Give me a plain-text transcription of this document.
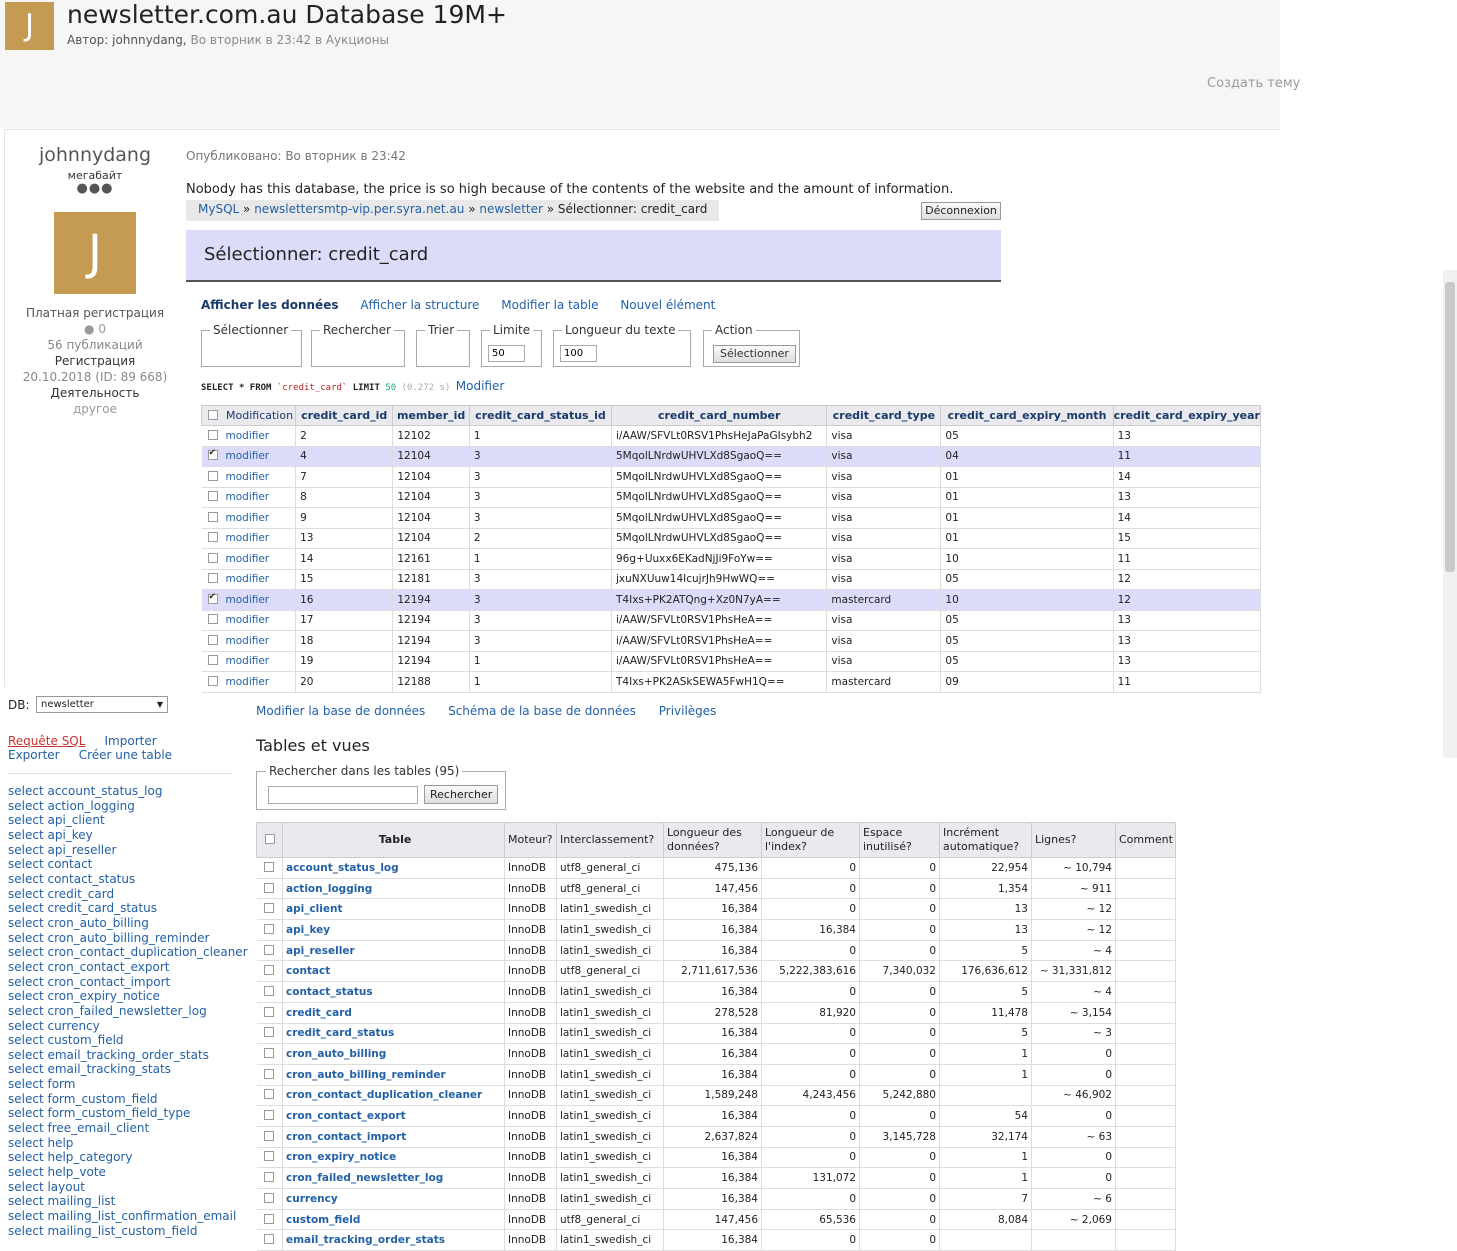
J	newsletter.com.au Database 19M+
Автор: johnnydang, Во вторник в 23:42 в Аукционы
Создать тему
johnnydang
мегабайт
●●●
J
Платная регистрация
● 0
56 публикаций
Регистрация
20.10.2018 (ID: 89 668)
Деятельность
другое
Опубликовано: Во вторник в 23:42
Nobody has this database, the price is so high because of the contents of the website and the amount of information.
MySQL » newslettersmtp-vip.per.syra.net.au » newsletter » Sélectionner: credit_card	Déconnexion
Sélectionner: credit_card
Afficher les données Afficher la structure Modifier la table Nouvel élément
Sélectionner	Rechercher	Trier	Limite
50	Longueur du texte
100	Action
Sélectionner
SELECT * FROM `credit_card` LIMIT 50 (0.272 s) Modifier
Modification	credit_card_id	member_id	credit_card_status_id	credit_card_number	credit_card_type	credit_card_expiry_month	credit_card_expiry_year
modifier	2	12102	1	i/AAW/SFVLt0RSV1PhsHeJaPaGIsybh2	visa	05	13
✔modifier	4	12104	3	5MqolLNrdwUHVLXd8SgaoQ==	visa	04	11
modifier	7	12104	3	5MqolLNrdwUHVLXd8SgaoQ==	visa	01	14
modifier	8	12104	3	5MqolLNrdwUHVLXd8SgaoQ==	visa	01	13
modifier	9	12104	3	5MqolLNrdwUHVLXd8SgaoQ==	visa	01	14
modifier	13	12104	2	5MqolLNrdwUHVLXd8SgaoQ==	visa	01	15
modifier	14	12161	1	96g+Uuxx6EKadNjJi9FoYw==	visa	10	11
modifier	15	12181	3	jxuNXUuw14IcujrJh9HwWQ==	visa	05	12
✔modifier	16	12194	3	T4Ixs+PK2ATQng+Xz0N7yA==	mastercard	10	12
modifier	17	12194	3	i/AAW/SFVLt0RSV1PhsHeA==	visa	05	13
modifier	18	12194	3	i/AAW/SFVLt0RSV1PhsHeA==	visa	05	13
modifier	19	12194	1	i/AAW/SFVLt0RSV1PhsHeA==	visa	05	13
modifier	20	12188	1	T4Ixs+PK2ASkSEWA5FwH1Q==	mastercard	09	11
DB:	newsletter	▼
Requête SQL Importer
Exporter Créer une table
select account_status_log
select action_logging
select api_client
select api_key
select api_reseller
select contact
select contact_status
select credit_card
select credit_card_status
select cron_auto_billing
select cron_auto_billing_reminder
select cron_contact_duplication_cleaner
select cron_contact_export
select cron_contact_import
select cron_expiry_notice
select cron_failed_newsletter_log
select currency
select custom_field
select email_tracking_order_stats
select email_tracking_stats
select form
select form_custom_field
select form_custom_field_type
select free_email_client
select help
select help_category
select help_vote
select layout
select mailing_list
select mailing_list_confirmation_email
select mailing_list_custom_field
Modifier la base de données Schéma de la base de données Privilèges
Tables et vues
Rechercher dans les tables (95)
Rechercher
	Table	Moteur?	Interclassement?	Longueur des données?	Longueur de l'index?	Espace inutilisé?	Incrément automatique?	Lignes?	Comment
	account_status_log	InnoDB	utf8_general_ci	475,136	0	0	22,954	~ 10,794	
	action_logging	InnoDB	utf8_general_ci	147,456	0	0	1,354	~ 911	
	api_client	InnoDB	latin1_swedish_ci	16,384	0	0	13	~ 12	
	api_key	InnoDB	latin1_swedish_ci	16,384	16,384	0	13	~ 12	
	api_reseller	InnoDB	latin1_swedish_ci	16,384	0	0	5	~ 4	
	contact	InnoDB	utf8_general_ci	2,711,617,536	5,222,383,616	7,340,032	176,636,612	~ 31,331,812	
	contact_status	InnoDB	latin1_swedish_ci	16,384	0	0	5	~ 4	
	credit_card	InnoDB	latin1_swedish_ci	278,528	81,920	0	11,478	~ 3,154	
	credit_card_status	InnoDB	latin1_swedish_ci	16,384	0	0	5	~ 3	
	cron_auto_billing	InnoDB	latin1_swedish_ci	16,384	0	0	1	0	
	cron_auto_billing_reminder	InnoDB	latin1_swedish_ci	16,384	0	0	1	0	
	cron_contact_duplication_cleaner	InnoDB	latin1_swedish_ci	1,589,248	4,243,456	5,242,880		~ 46,902	
	cron_contact_export	InnoDB	latin1_swedish_ci	16,384	0	0	54	0	
	cron_contact_import	InnoDB	latin1_swedish_ci	2,637,824	0	3,145,728	32,174	~ 63	
	cron_expiry_notice	InnoDB	latin1_swedish_ci	16,384	0	0	1	0	
	cron_failed_newsletter_log	InnoDB	latin1_swedish_ci	16,384	131,072	0	1	0	
	currency	InnoDB	latin1_swedish_ci	16,384	0	0	7	~ 6	
	custom_field	InnoDB	utf8_general_ci	147,456	65,536	0	8,084	~ 2,069	
	email_tracking_order_stats	InnoDB	latin1_swedish_ci	16,384	0	0			
